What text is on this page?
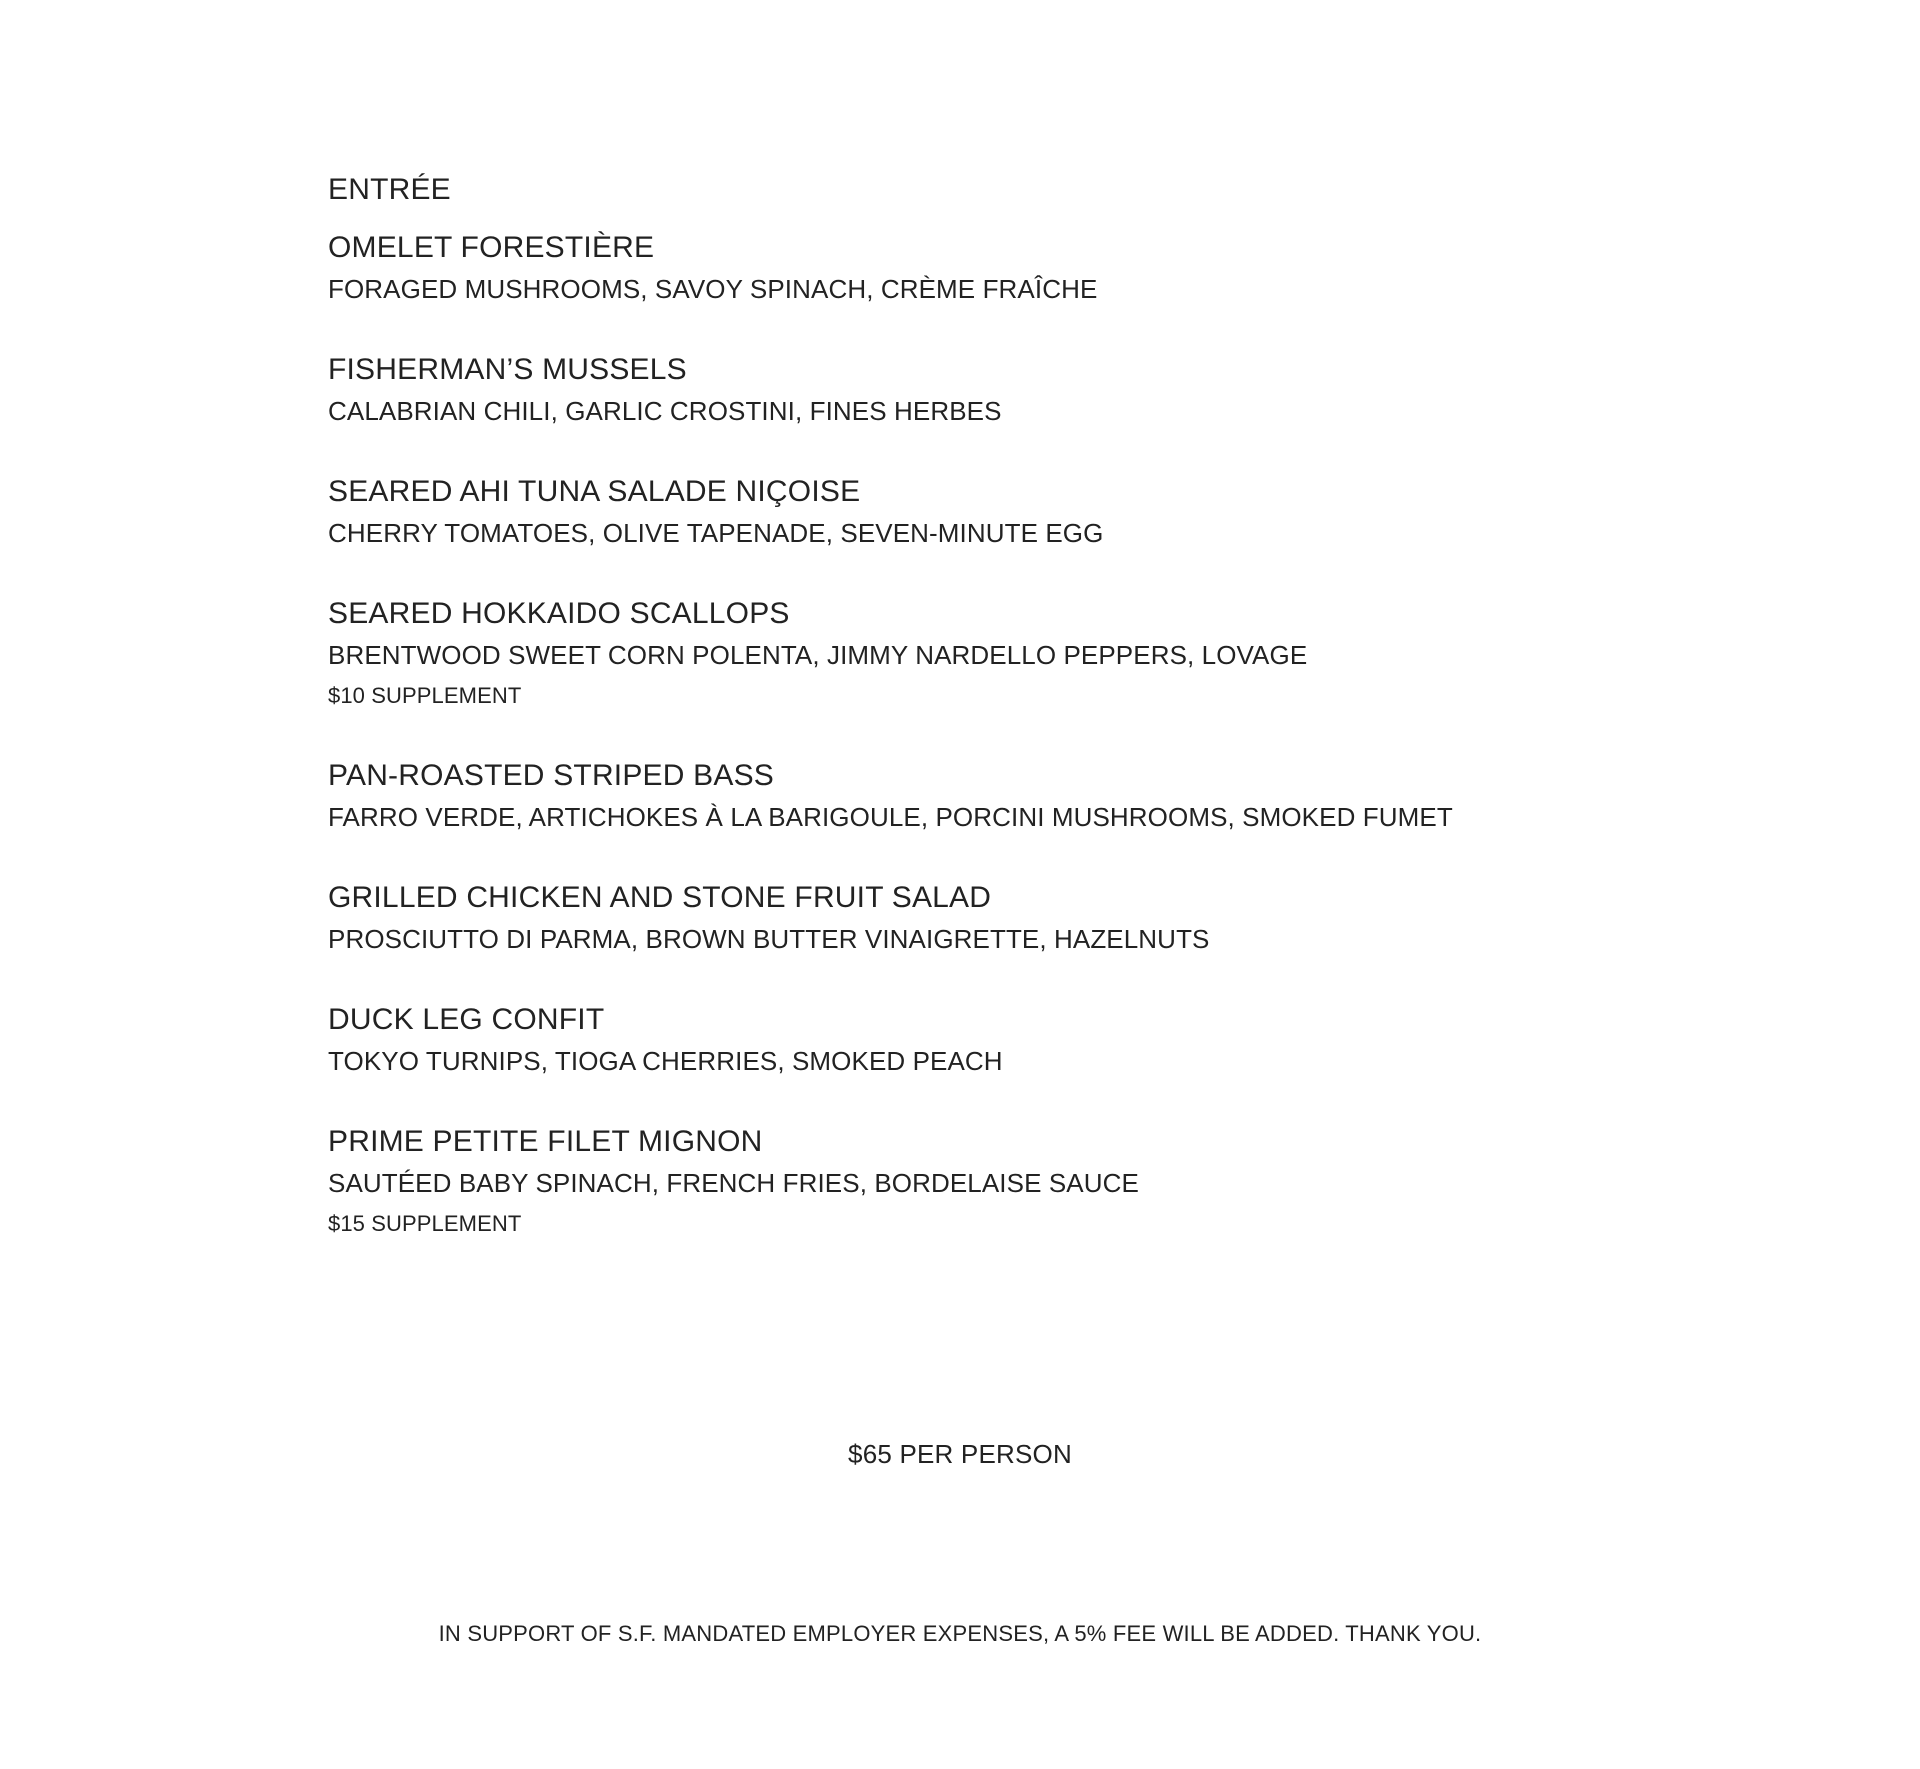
ENTRÉE
OMELET FORESTIÈRE
FORAGED MUSHROOMS, SAVOY SPINACH, CRÈME FRAÎCHE
FISHERMAN’S MUSSELS
CALABRIAN CHILI, GARLIC CROSTINI, FINES HERBES
SEARED AHI TUNA SALADE NIÇOISE
CHERRY TOMATOES, OLIVE TAPENADE, SEVEN-MINUTE EGG
SEARED HOKKAIDO SCALLOPS
BRENTWOOD SWEET CORN POLENTA, JIMMY NARDELLO PEPPERS, LOVAGE
$10 SUPPLEMENT
PAN-ROASTED STRIPED BASS
FARRO VERDE, ARTICHOKES À LA BARIGOULE, PORCINI MUSHROOMS, SMOKED FUMET
GRILLED CHICKEN AND STONE FRUIT SALAD
PROSCIUTTO DI PARMA, BROWN BUTTER VINAIGRETTE, HAZELNUTS
DUCK LEG CONFIT
TOKYO TURNIPS, TIOGA CHERRIES, SMOKED PEACH
PRIME PETITE FILET MIGNON
SAUTÉED BABY SPINACH, FRENCH FRIES, BORDELAISE SAUCE
$15 SUPPLEMENT
$65 PER PERSON
IN SUPPORT OF S.F. MANDATED EMPLOYER EXPENSES, A 5% FEE WILL BE ADDED. THANK YOU.
